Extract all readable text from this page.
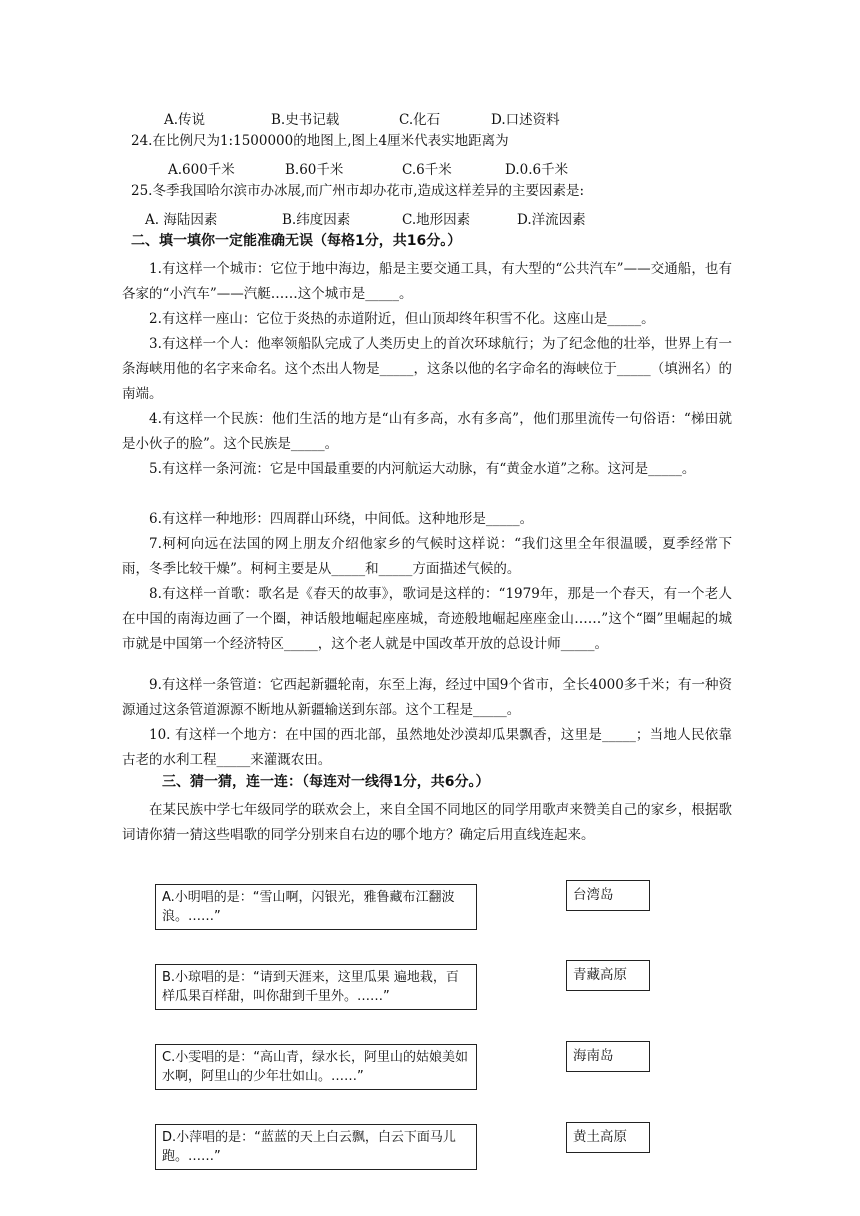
A.传说	B.史书记载	C.化石	D.口述资料
24.在比例尺为1:1500000的地图上,图上4厘米代表实地距离为
A.600千米	B.60千米	C.6千米	D.0.6千米
25.冬季我国哈尔滨市办冰展,而广州市却办花市,造成这样差异的主要因素是:
A. 海陆因素	B.纬度因素	C.地形因素	D.洋流因素
二、填一填你一定能准确无误（每格1分，共16分。）
1.有这样一个城市：它位于地中海边，船是主要交通工具，有大型的“公共汽车”——交通船，也有各家的“小汽车”——汽艇……这个城市是_____。
2.有这样一座山：它位于炎热的赤道附近，但山顶却终年积雪不化。这座山是_____。
3.有这样一个人：他率领船队完成了人类历史上的首次环球航行；为了纪念他的壮举，世界上有一条海峡用他的名字来命名。这个杰出人物是_____，这条以他的名字命名的海峡位于_____（填洲名）的南端。
4.有这样一个民族：他们生活的地方是“山有多高，水有多高”，他们那里流传一句俗语：“梯田就是小伙子的脸”。这个民族是_____。
5.有这样一条河流：它是中国最重要的内河航运大动脉，有“黄金水道”之称。这河是_____。
6.有这样一种地形：四周群山环绕，中间低。这种地形是_____。
7.柯柯向远在法国的网上朋友介绍他家乡的气候时这样说：“我们这里全年很温暖，夏季经常下雨，冬季比较干燥”。柯柯主要是从_____和_____方面描述气候的。
8.有这样一首歌：歌名是《春天的故事》，歌词是这样的：“1979年，那是一个春天，有一个老人在中国的南海边画了一个圈，神话般地崛起座座城，奇迹般地崛起座座金山……”这个“圈”里崛起的城市就是中国第一个经济特区_____，这个老人就是中国改革开放的总设计师_____。
9.有这样一条管道：它西起新疆轮南，东至上海，经过中国9个省市，全长4000多千米；有一种资源通过这条管道源源不断地从新疆输送到东部。这个工程是_____。
10. 有这样一个地方：在中国的西北部，虽然地处沙漠却瓜果飘香，这里是_____；当地人民依靠古老的水利工程_____来灌溉农田。
三、猜一猜，连一连：（每连对一线得1分，共6分。）
在某民族中学七年级同学的联欢会上，来自全国不同地区的同学用歌声来赞美自己的家乡，根据歌词请你猜一猜这些唱歌的同学分别来自右边的哪个地方？确定后用直线连起来。
A.小明唱的是：“雪山啊，闪银光，雅鲁藏布江翻波浪。……”
B.小琼唱的是：“请到天涯来，这里瓜果 遍地栽，百样瓜果百样甜，叫你甜到千里外。……”
C.小雯唱的是：“高山青，绿水长，阿里山的姑娘美如水啊，阿里山的少年壮如山。……”
D.小萍唱的是：“蓝蓝的天上白云飘，白云下面马儿跑。……”
台湾岛
青藏高原
海南岛
黄土高原
